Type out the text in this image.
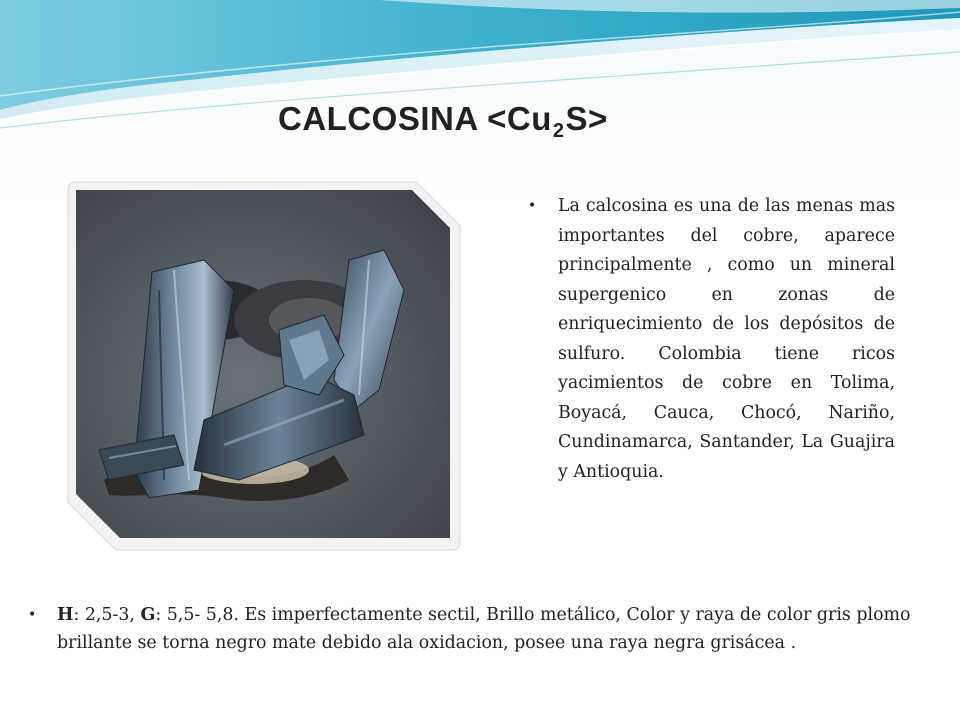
CALCOSINA $<Cu_2S>$
•	La calcosina es una de las menas mas importantes del cobre, aparece principalmente , como un mineral supergenico en zonas de enriquecimiento de los depósitos de sulfuro. Colombia tiene ricos yacimientos de cobre en Tolima, Boyacá, Cauca, Chocó, Nariño, Cundinamarca, Santander, La Guajira y Antioquia.
•	H: 2,5-3, G: 5,5- 5,8. Es imperfectamente sectil, Brillo metálico, Color y raya de color gris plomo brillante se torna negro mate debido ala oxidacion, posee una raya negra grisácea .
